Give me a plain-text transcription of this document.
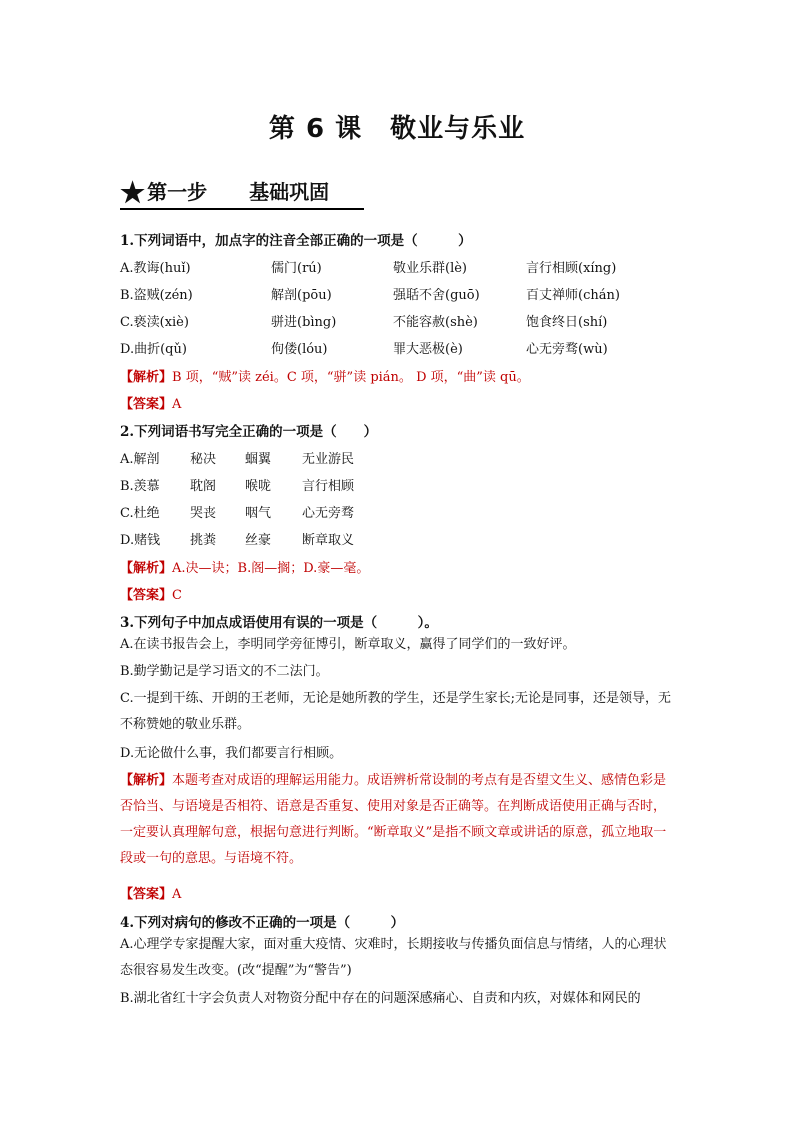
第 6 课 敬业与乐业
★ 第一步 基础巩固
1.下列词语中，加点字的注音全部正确的一项是（　　　）
A.教诲(huǐ)	儒门(rú)	敬业乐群(lè)	言行相顾(xíng)
B.盗贼(zén)	解剖(pōu)	强聒不舍(guō)	百丈禅师(chán)
C.亵渎(xiè)	骈进(bìng)	不能容赦(shè)	饱食终日(shí)
D.曲折(qǔ)	佝偻(lóu)	罪大恶极(è)	心无旁骛(wù)
【解析】B 项，“贼”读 zéi。C 项，“骈”读 pián。 D 项，“曲”读 qū。
【答案】A
2.下列词语书写完全正确的一项是（　　）
A.解剖 秘决 蝈翼 无业游民
B.羡慕 耽阁 喉咙 言行相顾
C.杜绝 哭丧 咽气 心无旁骛
D.赌钱 挑粪 丝豪 断章取义
【解析】A.决—诀；B.阁—搁；D.豪—毫。
【答案】C
3.下列句子中加点成语使用有误的一项是（　　　）。
A.在读书报告会上，李明同学旁征博引，断章取义，赢得了同学们的一致好评。
B.勤学勤记是学习语文的不二法门。
C.一提到干练、开朗的王老师，无论是她所教的学生，还是学生家长;无论是同事，还是领导，无不称赞她的敬业乐群。
D.无论做什么事，我们都要言行相顾。
【解析】本题考查对成语的理解运用能力。成语辨析常设制的考点有是否望文生义、感情色彩是否恰当、与语境是否相符、语意是否重复、使用对象是否正确等。在判断成语使用正确与否时，一定要认真理解句意，根据句意进行判断。“断章取义”是指不顾文章或讲话的原意，孤立地取一段或一句的意思。与语境不符。
【答案】A
4.下列对病句的修改不正确的一项是（　　　）
A.心理学专家提醒大家，面对重大疫情、灾难时，长期接收与传播负面信息与情绪，人的心理状态很容易发生改变。(改“提醒”为“警告”)
B.湖北省红十字会负责人对物资分配中存在的问题深感痛心、自责和内疚，对媒体和网民的
